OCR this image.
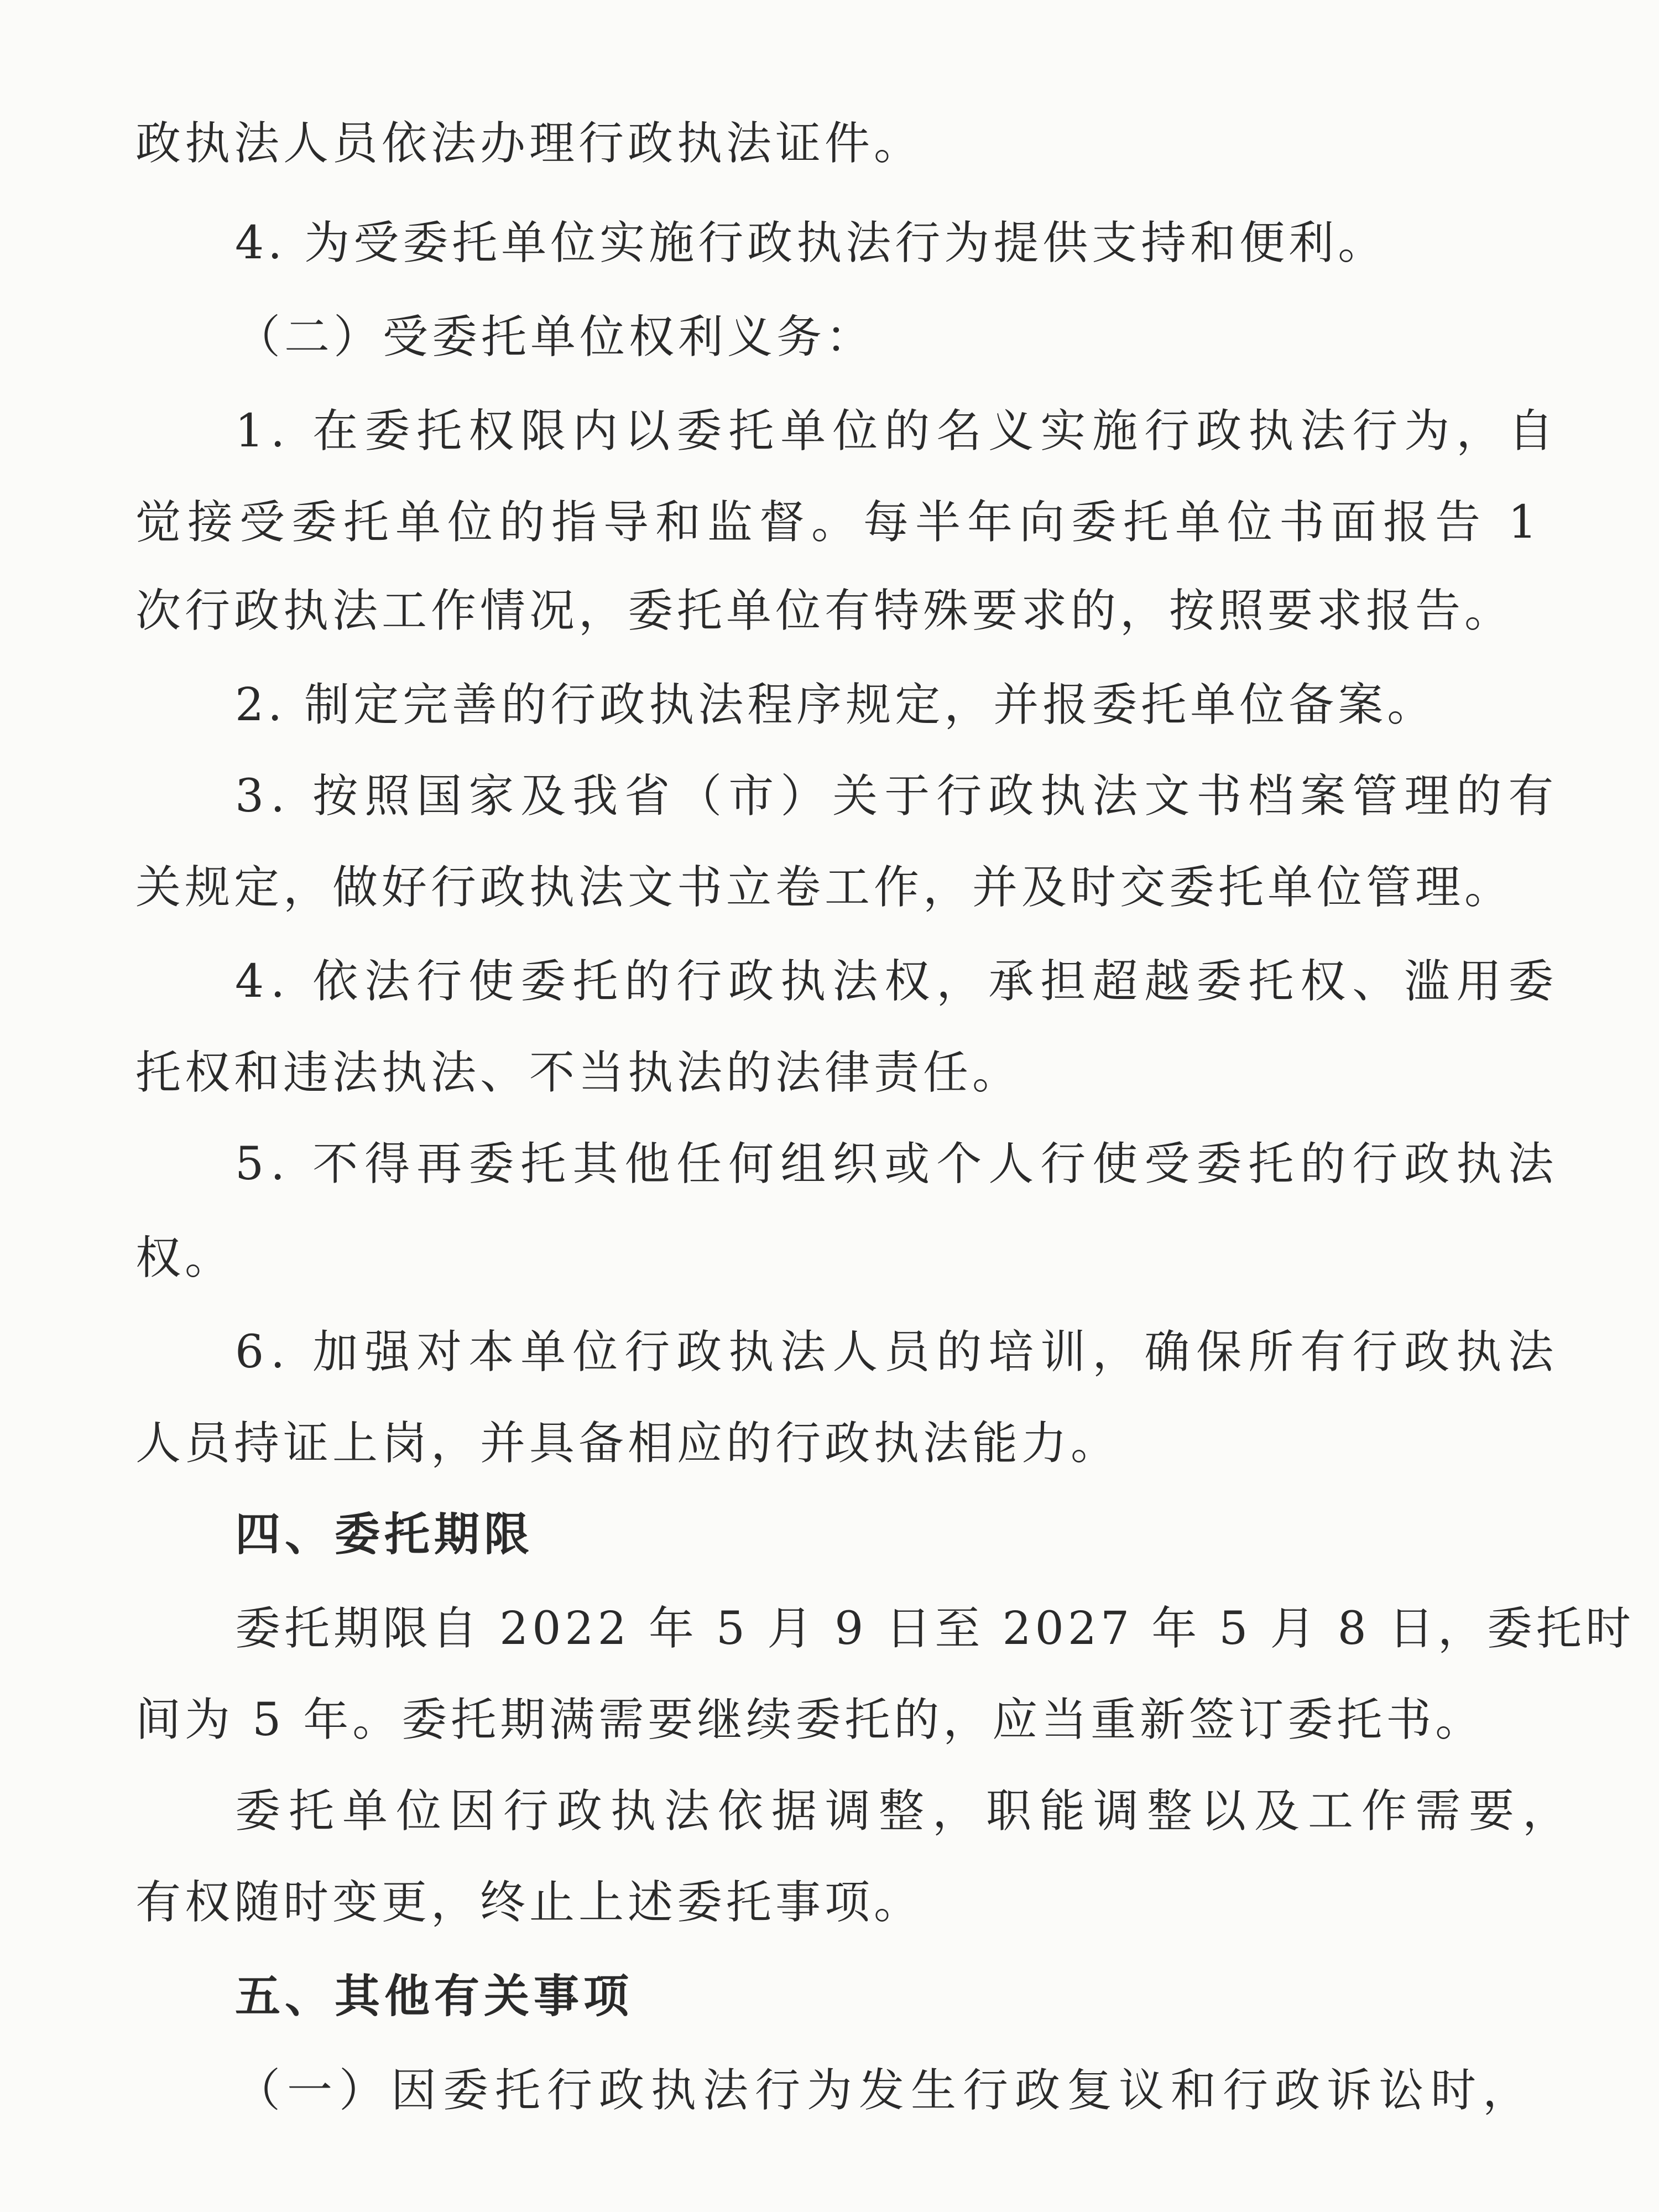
政执法人员依法办理行政执法证件。
4. 为受委托单位实施行政执法行为提供支持和便利。
（二）受委托单位权利义务：
1. 在委托权限内以委托单位的名义实施行政执法行为，自
觉接受委托单位的指导和监督。每半年向委托单位书面报告 1
次行政执法工作情况，委托单位有特殊要求的，按照要求报告。
2. 制定完善的行政执法程序规定，并报委托单位备案。
3. 按照国家及我省（市）关于行政执法文书档案管理的有
关规定，做好行政执法文书立卷工作，并及时交委托单位管理。
4. 依法行使委托的行政执法权，承担超越委托权、滥用委
托权和违法执法、不当执法的法律责任。
5. 不得再委托其他任何组织或个人行使受委托的行政执法
权。
6. 加强对本单位行政执法人员的培训，确保所有行政执法
人员持证上岗，并具备相应的行政执法能力。
四、委托期限
委托期限自 2022 年 5 月 9 日至 2027 年 5 月 8 日，委托时
间为 5 年。委托期满需要继续委托的，应当重新签订委托书。
委托单位因行政执法依据调整，职能调整以及工作需要，
有权随时变更，终止上述委托事项。
五、其他有关事项
（一）因委托行政执法行为发生行政复议和行政诉讼时，
